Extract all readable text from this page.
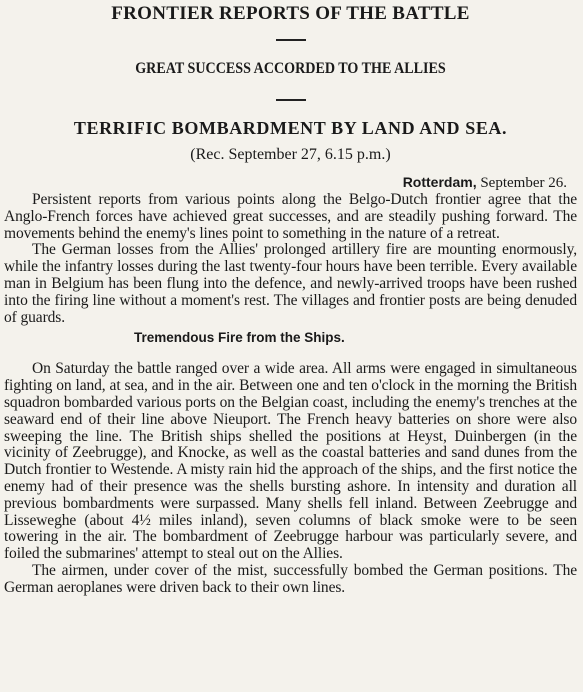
FRONTIER REPORTS OF THE BATTLE
GREAT SUCCESS ACCORDED TO THE ALLIES
TERRIFIC BOMBARDMENT BY LAND AND SEA.

(Rec. September 27, 6.15 p.m.)

Rotterdam, September 26.

Persistent reports from various points along the Belgo-Dutch frontier agree that the Anglo-French forces have achieved great successes, and are steadily pushing forward. The movements behind the enemy's lines point to something in the nature of a retreat.

The German losses from the Allies' prolonged artillery fire are mounting enormously, while the infantry losses during the last twenty-four hours have been terrible. Every available man in Belgium has been flung into the defence, and newly-arrived troops have been rushed into the firing line without a moment's rest. The villages and frontier posts are being denuded of guards.

Tremendous Fire from the Ships.

On Saturday the battle ranged over a wide area. All arms were engaged in simultaneous fighting on land, at sea, and in the air. Between one and ten o'clock in the morning the British squadron bombarded various ports on the Belgian coast, including the enemy's trenches at the seaward end of their line above Nieuport. The French heavy batteries on shore were also sweeping the line. The British ships shelled the positions at Heyst, Duinbergen (in the vicinity of Zeebrugge), and Knocke, as well as the coastal batteries and sand dunes from the Dutch frontier to Westende. A misty rain hid the approach of the ships, and the first notice the enemy had of their presence was the shells bursting ashore. In intensity and duration all previous bombardments were surpassed. Many shells fell inland. Between Zeebrugge and Lisseweghe (about 4½ miles inland), seven columns of black smoke were to be seen towering in the air. The bombardment of Zeebrugge harbour was particularly severe, and foiled the submarines' attempt to steal out on the Allies.

The airmen, under cover of the mist, successfully bombed the German positions. The German aeroplanes were driven back to their own lines.
